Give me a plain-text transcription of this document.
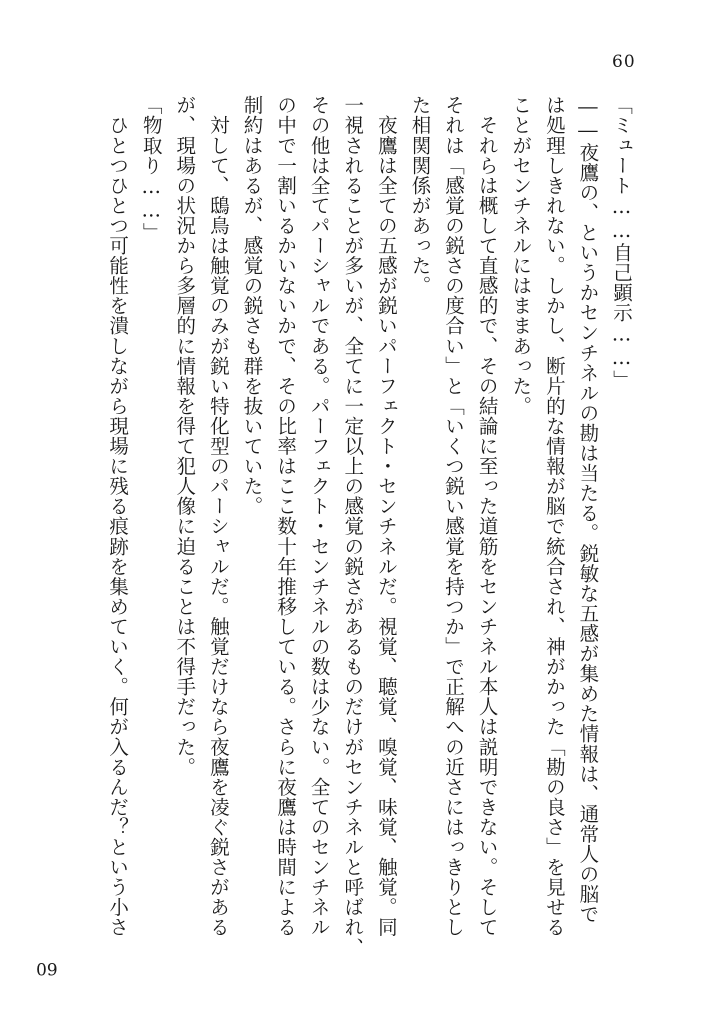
60
「ミュート……自己顕示……」
――夜鷹の、というかセンチネルの勘は当たる。鋭敏な五感が集めた情報は、通常人の脳で
は処理しきれない。しかし、断片的な情報が脳で統合され、神がかった「勘の良さ」を見せる
ことがセンチネルにはままあった。
　それらは概して直感的で、その結論に至った道筋をセンチネル本人は説明できない。そして
それは「感覚の鋭さの度合い」と「いくつ鋭い感覚を持つか」で正解への近さにはっきりとし
た相関関係があった。
　夜鷹は全ての五感が鋭いパーフェクト・センチネルだ。視覚、聴覚、嗅覚、味覚、触覚。同
一視されることが多いが、全てに一定以上の感覚の鋭さがあるものだけがセンチネルと呼ばれ、
その他は全てパーシャルである。パーフェクト・センチネルの数は少ない。全てのセンチネル
の中で一割いるかいないかで、その比率はここ数十年推移している。さらに夜鷹は時間による
制約はあるが、感覚の鋭さも群を抜いていた。
　対して、鴟鳥は触覚のみが鋭い特化型のパーシャルだ。触覚だけなら夜鷹を凌ぐ鋭さがある
が、現場の状況から多層的に情報を得て犯人像に迫ることは不得手だった。
「物取り……」
　ひとつひとつ可能性を潰しながら現場に残る痕跡を集めていく。何が入るんだ？という小さ
60
